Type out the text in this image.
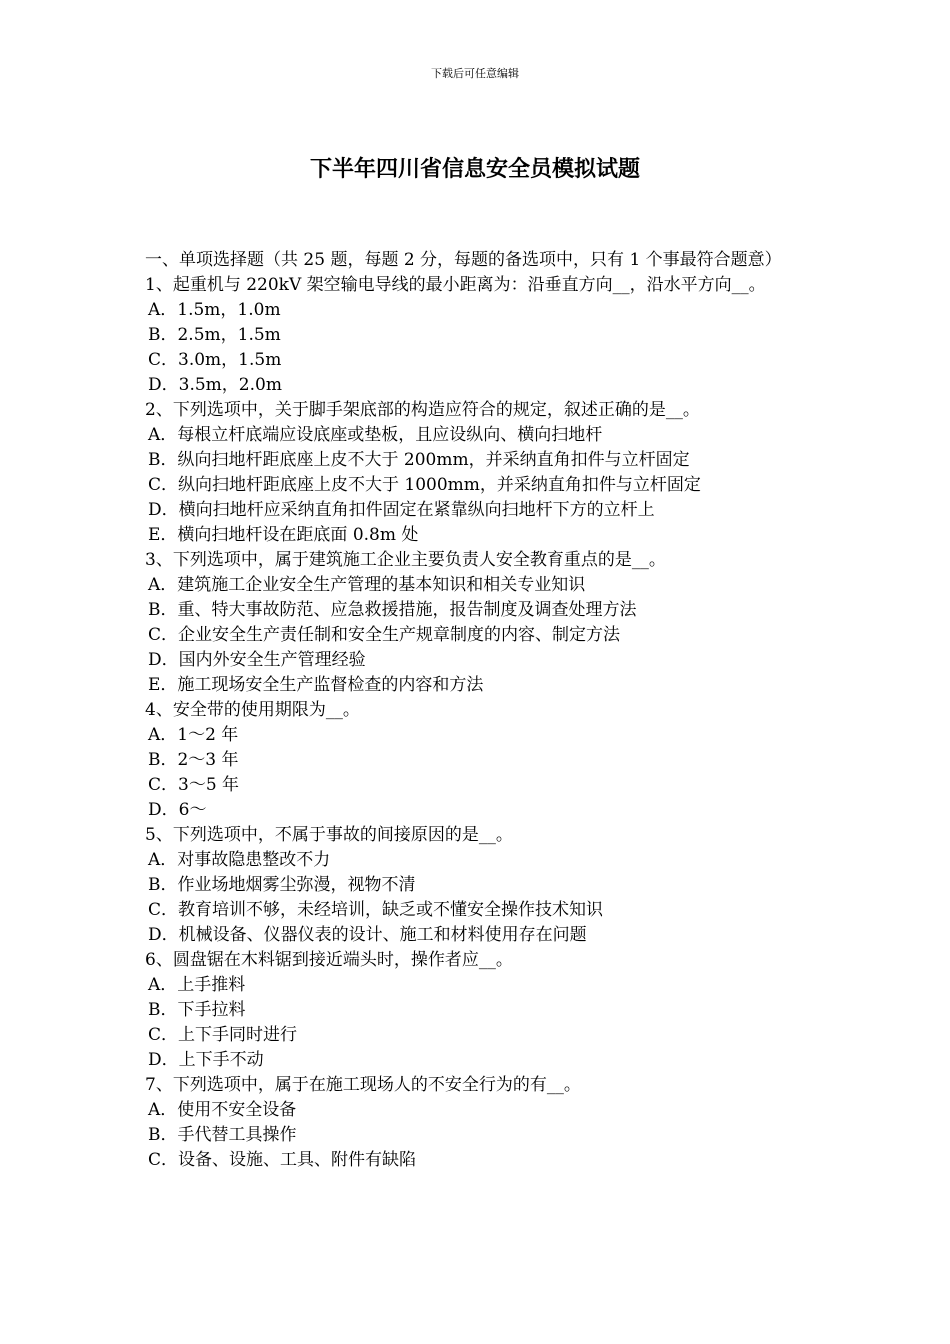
下载后可任意编辑
下半年四川省信息安全员模拟试题
一、单项选择题（共 25 题，每题 2 分，每题的备选项中，只有 1 个事最符合题意）
1、起重机与 220kV 架空输电导线的最小距离为：沿垂直方向__，沿水平方向__。
A．1.5m，1.0m
B．2.5m，1.5m
C．3.0m，1.5m
D．3.5m，2.0m
2、下列选项中，关于脚手架底部的构造应符合的规定，叙述正确的是__。
A．每根立杆底端应设底座或垫板，且应设纵向、横向扫地杆
B．纵向扫地杆距底座上皮不大于 200mm，并采纳直角扣件与立杆固定
C．纵向扫地杆距底座上皮不大于 1000mm，并采纳直角扣件与立杆固定
D．横向扫地杆应采纳直角扣件固定在紧靠纵向扫地杆下方的立杆上
E．横向扫地杆设在距底面 0.8m 处
3、下列选项中，属于建筑施工企业主要负责人安全教育重点的是__。
A．建筑施工企业安全生产管理的基本知识和相关专业知识
B．重、特大事故防范、应急救援措施，报告制度及调查处理方法
C．企业安全生产责任制和安全生产规章制度的内容、制定方法
D．国内外安全生产管理经验
E．施工现场安全生产监督检查的内容和方法
4、安全带的使用期限为__。
A．1～2 年
B．2～3 年
C．3～5 年
D．6～
5、下列选项中，不属于事故的间接原因的是__。
A．对事故隐患整改不力
B．作业场地烟雾尘弥漫，视物不清
C．教育培训不够，未经培训，缺乏或不懂安全操作技术知识
D．机械设备、仪器仪表的设计、施工和材料使用存在问题
6、圆盘锯在木料锯到接近端头时，操作者应__。
A．上手推料
B．下手拉料
C．上下手同时进行
D．上下手不动
7、下列选项中，属于在施工现场人的不安全行为的有__。
A．使用不安全设备
B．手代替工具操作
C．设备、设施、工具、附件有缺陷
